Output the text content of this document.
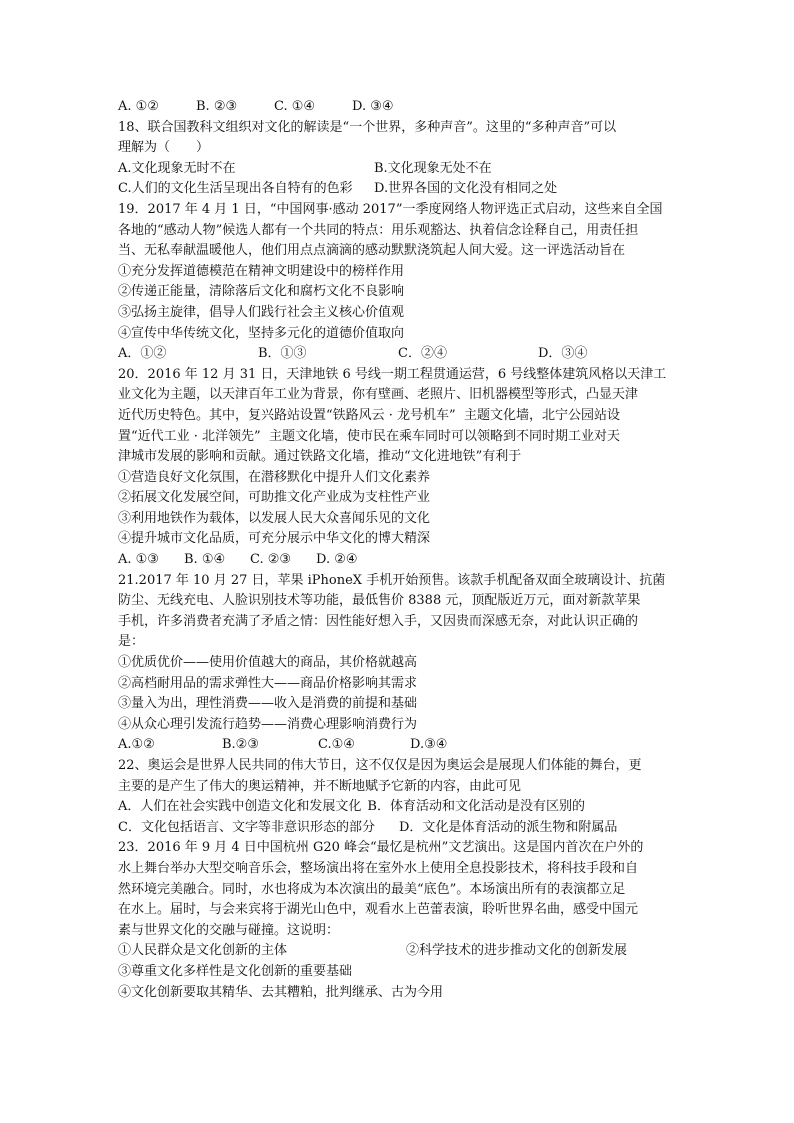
A. ①②	B. ②③	C. ①④	D. ③④
18、联合国教科文组织对文化的解读是“一个世界，多种声音”。这里的“多种声音”可以
理解为（　　）
A.文化现象无时不在	B.文化现象无处不在
C.人们的文化生活呈现出各自特有的色彩	D.世界各国的文化没有相同之处
19．2017 年 4 月 1 日，“中国网事·感动 2017”一季度网络人物评选正式启动，这些来自全国
各地的“感动人物”候选人都有一个共同的特点：用乐观豁达、执着信念诠释自己，用责任担
当、无私奉献温暖他人，他们用点点滴滴的感动默默浇筑起人间大爱。这一评选活动旨在
①充分发挥道德模范在精神文明建设中的榜样作用
②传递正能量，清除落后文化和腐朽文化不良影响
③弘扬主旋律，倡导人们践行社会主义核心价值观
④宣传中华传统文化，坚持多元化的道德价值取向
A．①②	B．①③	C．②④	D．③④
20．2016 年 12 月 31 日，天津地铁 6 号线一期工程贯通运营，6 号线整体建筑风格以天津工
业文化为主题，以天津百年工业为背景，你有壁画、老照片、旧机器模型等形式，凸显天津
近代历史特色。其中，复兴路站设置“铁路风云 · 龙号机车”  主题文化墙，北宁公园站设
置“近代工业 · 北洋领先”  主题文化墙，使市民在乘车同时可以领略到不同时期工业对天
津城市发展的影响和贡献。通过铁路文化墙，推动“文化进地铁”有利于
①营造良好文化氛围，在潜移默化中提升人们文化素养
②拓展文化发展空间，可助推文化产业成为支柱性产业
③利用地铁作为载体，以发展人民大众喜闻乐见的文化
④提升城市文化品质，可充分展示中华文化的博大精深
A. ①③	B. ①④	C. ②③	D. ②④
21.2017 年 10 月 27 日，苹果 iPhoneX 手机开始预售。该款手机配备双面全玻璃设计、抗菌
防尘、无线充电、人脸识别技术等功能，最低售价 8388 元，顶配版近万元，面对新款苹果
手机，许多消费者充满了矛盾之情：因性能好想入手，又因贵而深感无奈，对此认识正确的
是：
①优质优价——使用价值越大的商品，其价格就越高
②高档耐用品的需求弹性大——商品价格影响其需求
③量入为出，理性消费——收入是消费的前提和基础
④从众心理引发流行趋势——消费心理影响消费行为
A.①②	B.②③	C.①④	D.③④
22、奥运会是世界人民共同的伟大节日，这不仅仅是因为奥运会是展现人们体能的舞台，更
主要的是产生了伟大的奥运精神，并不断地赋予它新的内容，由此可见
A．人们在社会实践中创造文化和发展文化 B．体育活动和文化活动是没有区别的
C．文化包括语言、文字等非意识形态的部分 D．文化是体育活动的派生物和附属品
23．2016 年 9 月 4 日中国杭州 G20 峰会“最忆是杭州”文艺演出。这是国内首次在户外的
水上舞台举办大型交响音乐会，整场演出将在室外水上使用全息投影技术，将科技手段和自
然环境完美融合。同时，水也将成为本次演出的最美“底色”。本场演出所有的表演都立足
在水上。届时，与会来宾将于湖光山色中，观看水上芭蕾表演，聆听世界名曲，感受中国元
素与世界文化的交融与碰撞。这说明：
①人民群众是文化创新的主体	②科学技术的进步推动文化的创新发展
③尊重文化多样性是文化创新的重要基础
④文化创新要取其精华、去其糟粕，批判继承、古为今用
